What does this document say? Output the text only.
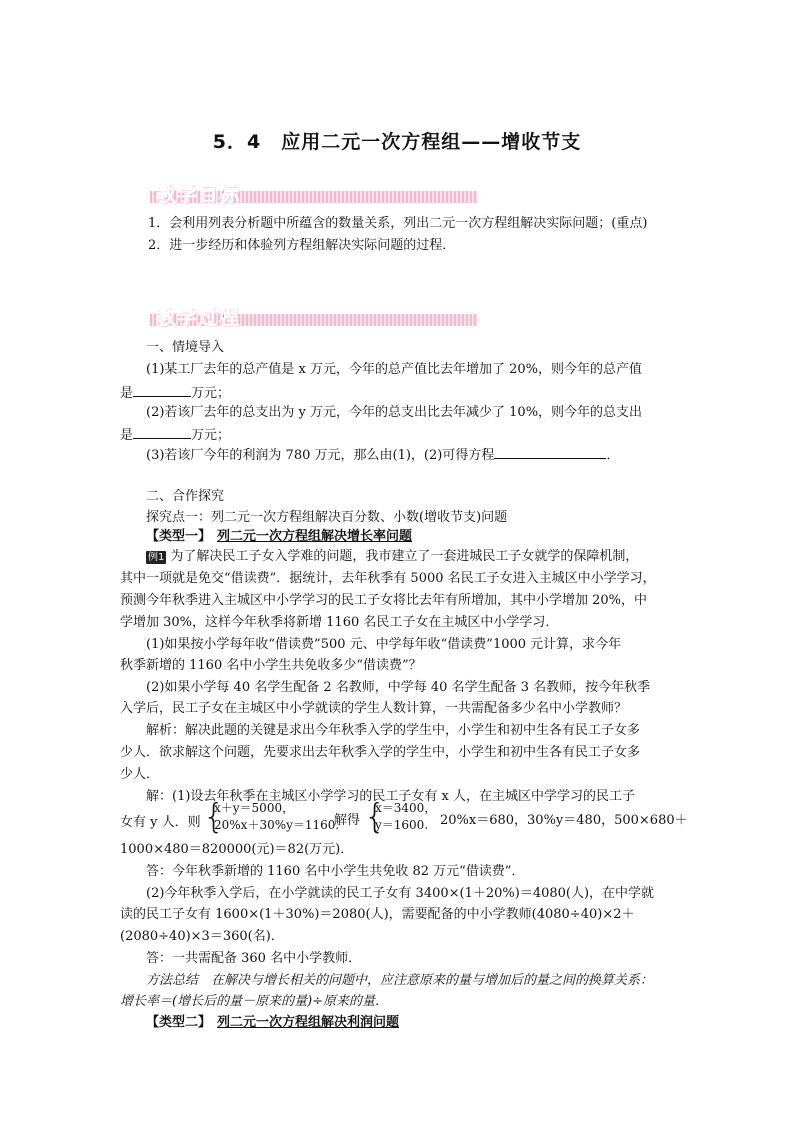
5．4　应用二元一次方程组——增收节支
教学目标
1．会利用列表分析题中所蕴含的数量关系，列出二元一次方程组解决实际问题；(重点)
2．进一步经历和体验列方程组解决实际问题的过程．
教学过程
一、情境导入
(1)某工厂去年的总产值是 x 万元，今年的总产值比去年增加了 20%，则今年的总产值
是	万元；
(2)若该厂去年的总支出为 y 万元，今年的总支出比去年减少了 10%，则今年的总支出
是	万元；
(3)若该厂今年的利润为 780 万元，那么由(1)，(2)可得方程	．
二、合作探究
探究点一：列二元一次方程组解决百分数、小数(增收节支)问题
【类型一】 列二元一次方程组解决增长率问题
例1 为了解决民工子女入学难的问题，我市建立了一套进城民工子女就学的保障机制，
其中一项就是免交“借读费”．据统计，去年秋季有 5000 名民工子女进入主城区中小学学习，
预测今年秋季进入主城区中小学学习的民工子女将比去年有所增加，其中小学增加 20%，中
学增加 30%，这样今年秋季将新增 1160 名民工子女在主城区中小学学习．
(1)如果按小学每年收“借读费”500 元、中学每年收“借读费”1000 元计算，求今年
秋季新增的 1160 名中小学生共免收多少“借读费”？
(2)如果小学每 40 名学生配备 2 名教师，中学每 40 名学生配备 3 名教师，按今年秋季
入学后，民工子女在主城区中小学就读的学生人数计算，一共需配备多少名中小学教师？
解析：解决此题的关键是求出今年秋季入学的学生中，小学生和初中生各有民工子女多
少人．欲求解这个问题，先要求出去年秋季入学的学生中，小学生和初中生各有民工子女多
少人．
解：(1)设去年秋季在主城区小学学习的民工子女有 x 人，在主城区中学学习的民工子
女有 y 人．则 {
x＋y＝5000，
20%x＋30%y＝1160.
解得 {
x＝3400，
y＝1600. 20%x＝680，30%y＝480，500×680＋
1000×480＝820000(元)＝82(万元)．
答：今年秋季新增的 1160 名中小学生共免收 82 万元“借读费”．
(2)今年秋季入学后，在小学就读的民工子女有 3400×(1＋20%)＝4080(人)，在中学就
读的民工子女有 1600×(1＋30%)＝2080(人)，需要配备的中小学教师(4080÷40)×2＋
(2080÷40)×3＝360(名)．
答：一共需配备 360 名中小学教师．
方法总结　在解决与增长相关的问题中，应注意原来的量与增加后的量之间的换算关系：
增长率＝(增长后的量－原来的量)÷原来的量．
【类型二】 列二元一次方程组解决利润问题
